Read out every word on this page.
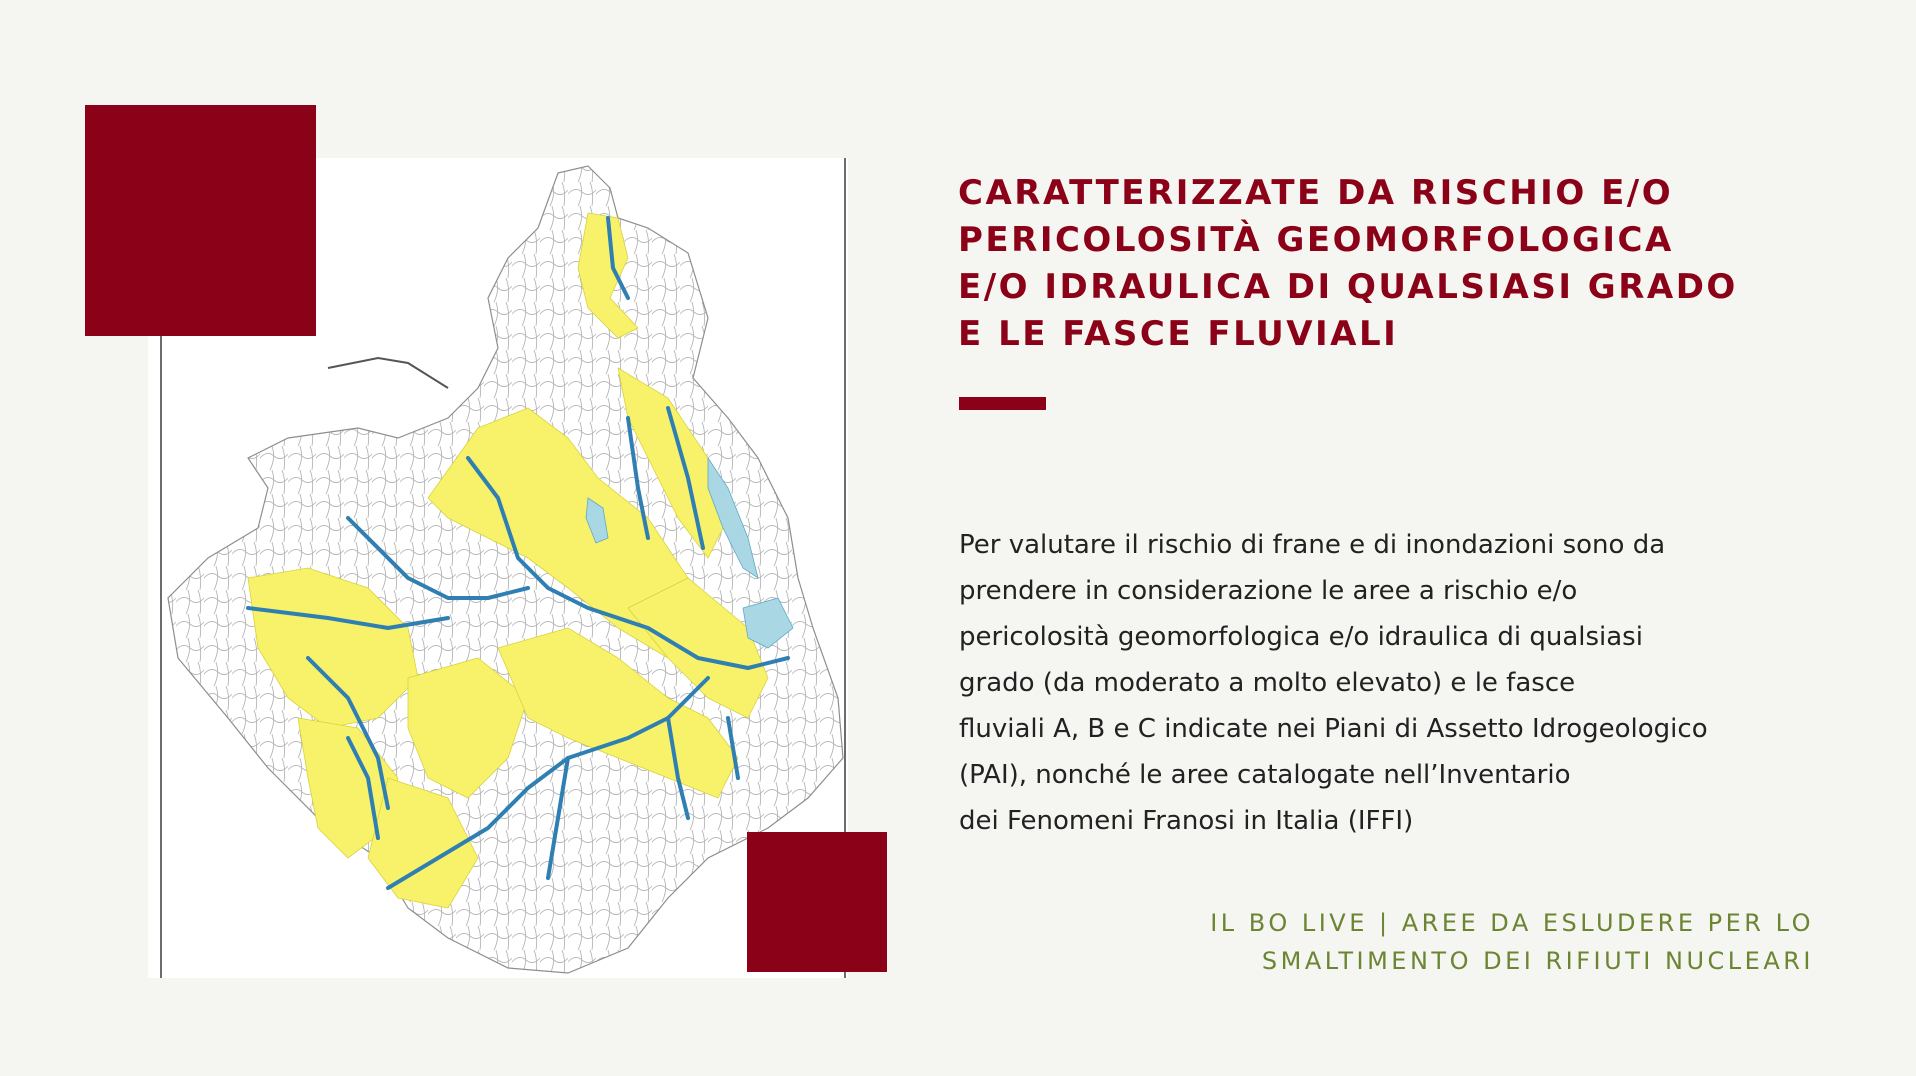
CARATTERIZZATE DA RISCHIO E/O
PERICOLOSITÀ GEOMORFOLOGICA
E/O IDRAULICA DI QUALSIASI GRADO
E LE FASCE FLUVIALI

Per valutare il rischio di frane e di inondazioni sono da
prendere in considerazione le aree a rischio e/o
pericolosità geomorfologica e/o idraulica di qualsiasi
grado (da moderato a molto elevato) e le fasce
fluviali A, B e C indicate nei Piani di Assetto Idrogeologico
(PAI), nonché le aree catalogate nell’Inventario
dei Fenomeni Franosi in Italia (IFFI)

IL BO LIVE | AREE DA ESLUDERE PER LO
SMALTIMENTO DEI RIFIUTI NUCLEARI
